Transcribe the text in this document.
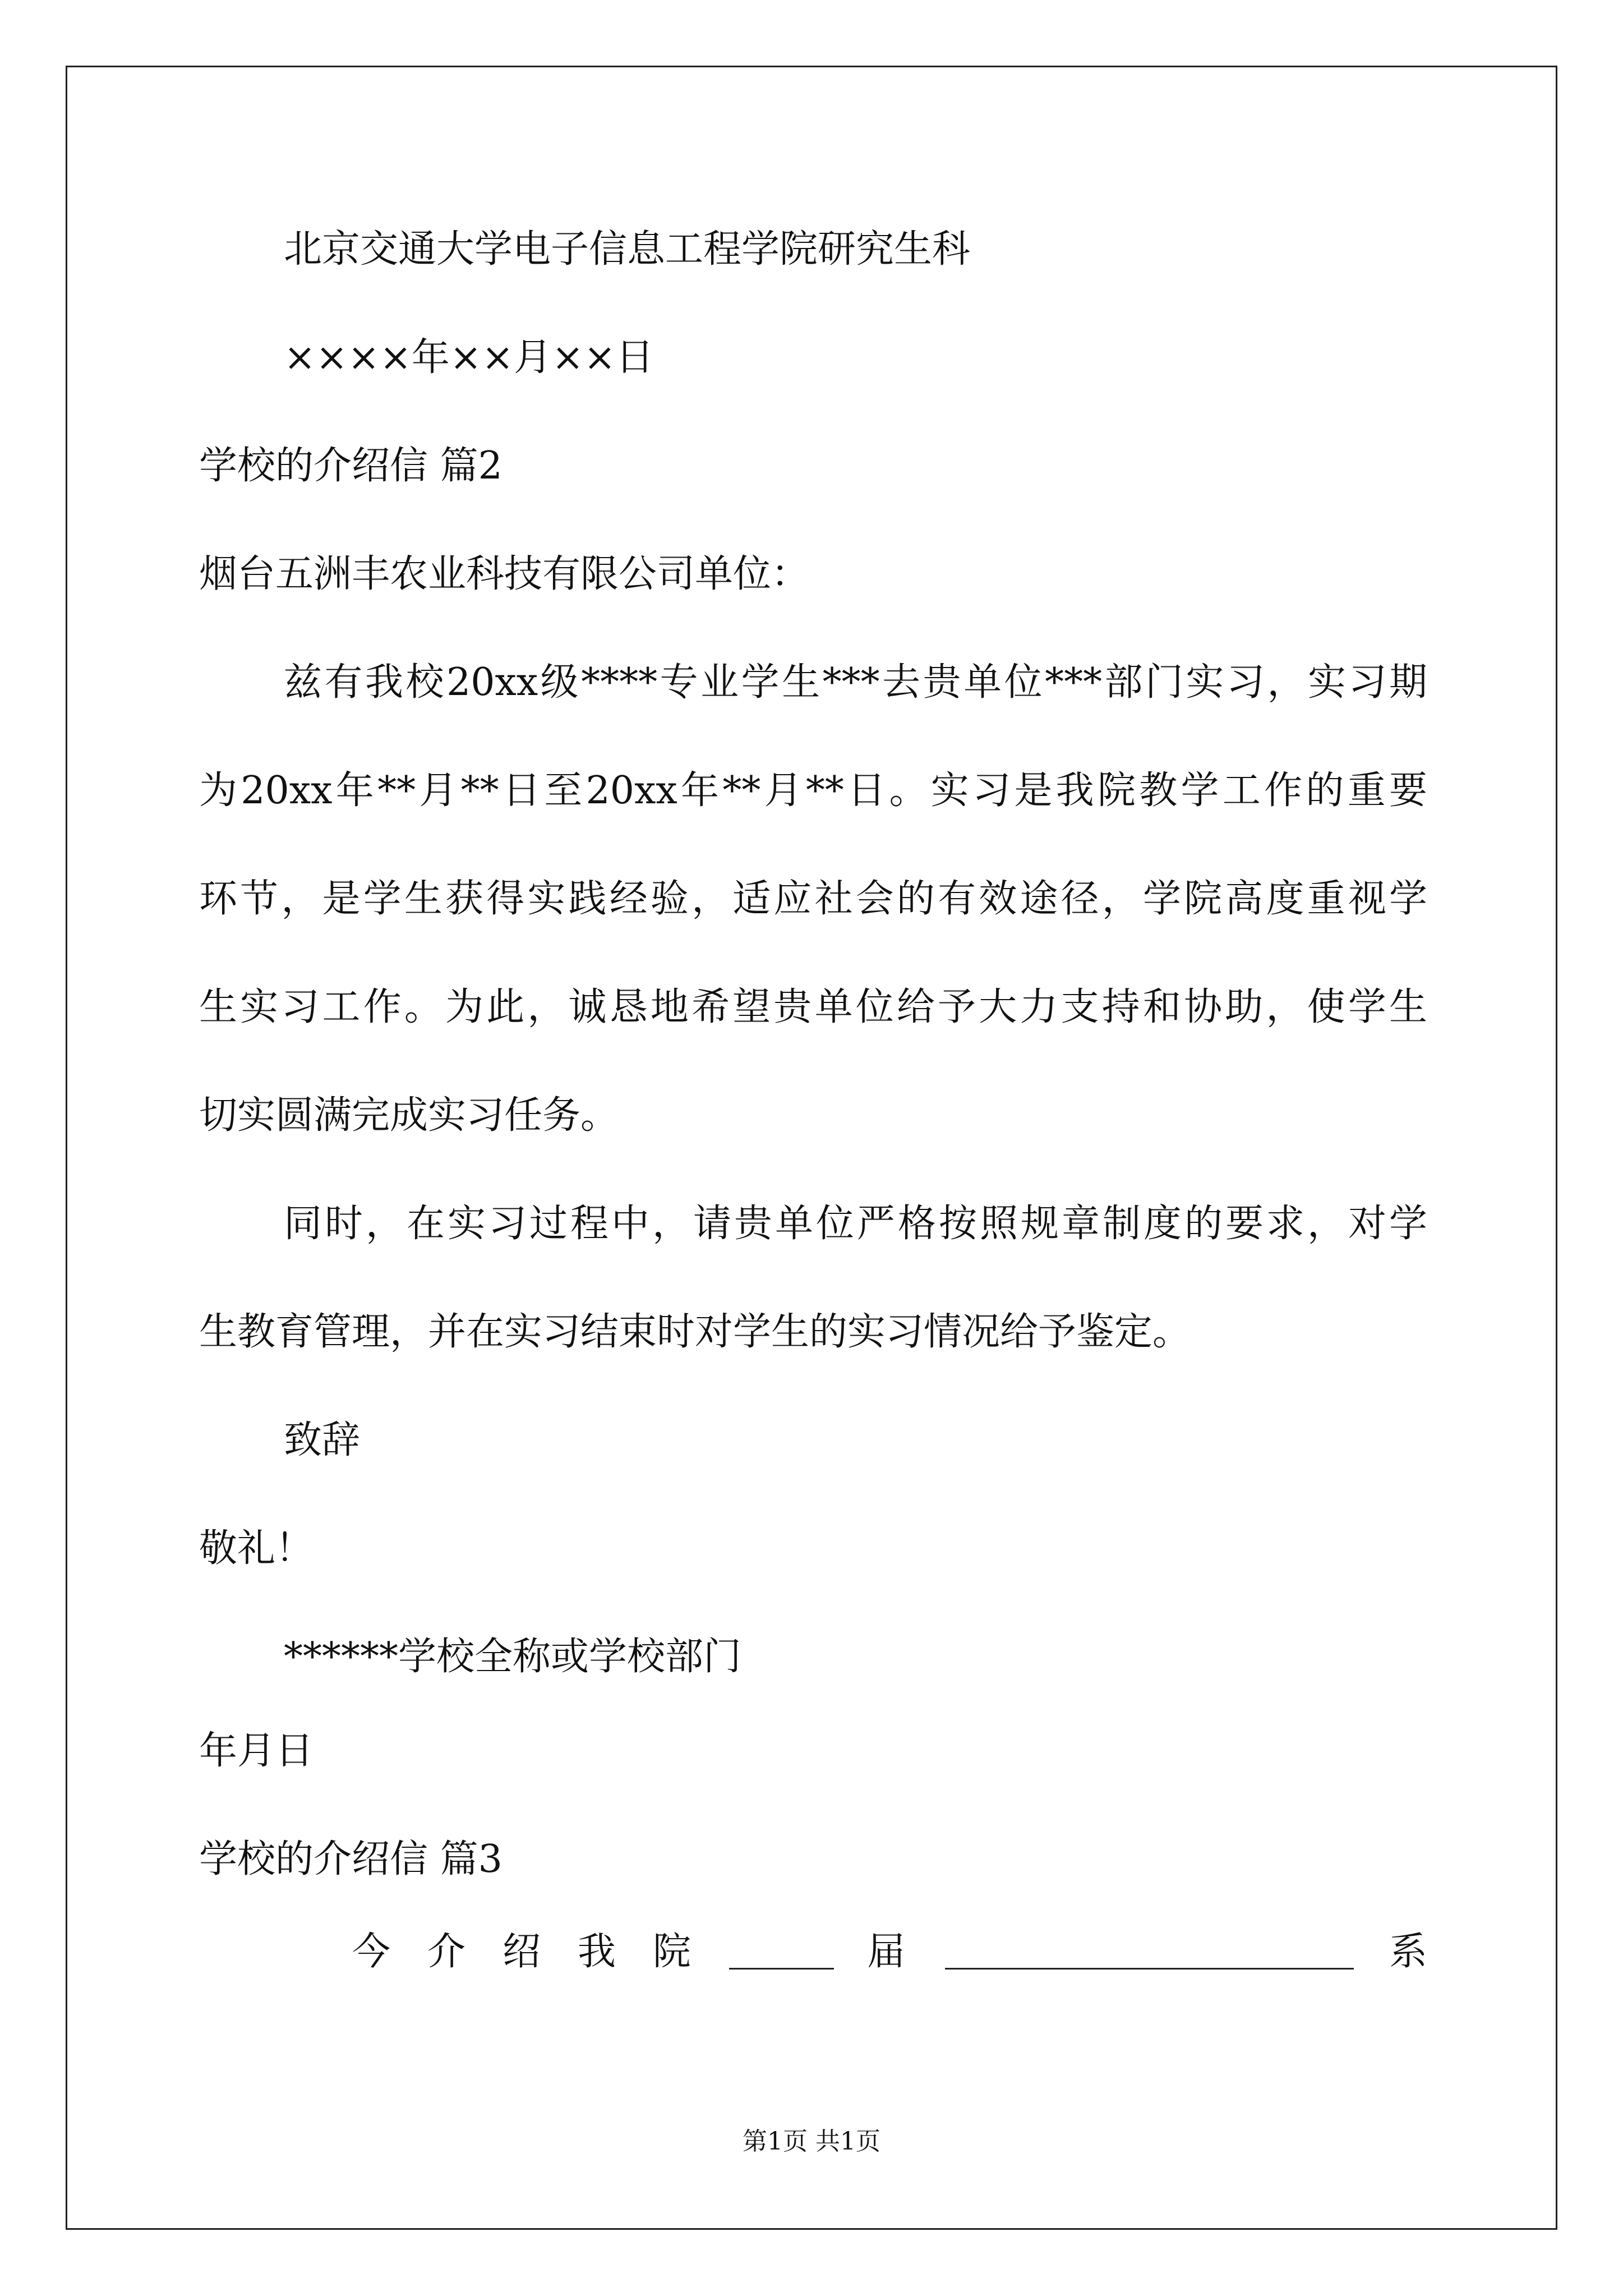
北京交通大学电子信息工程学院研究生科
××××年××月××日
学校的介绍信 篇2
烟台五洲丰农业科技有限公司单位：
兹有我校20xx级****专业学生***去贵单位***部门实习，实习期
为20xx年**月**日至20xx年**月**日。实习是我院教学工作的重要
环节，是学生获得实践经验，适应社会的有效途径，学院高度重视学
生实习工作。为此，诚恳地希望贵单位给予大力支持和协助，使学生
切实圆满完成实习任务。
同时，在实习过程中，请贵单位严格按照规章制度的要求，对学
生教育管理，并在实习结束时对学生的实习情况给予鉴定。
致辞
敬礼！
******学校全称或学校部门
年月日
学校的介绍信 篇3
今 介 绍 我 院	届	系
第1页 共1页
